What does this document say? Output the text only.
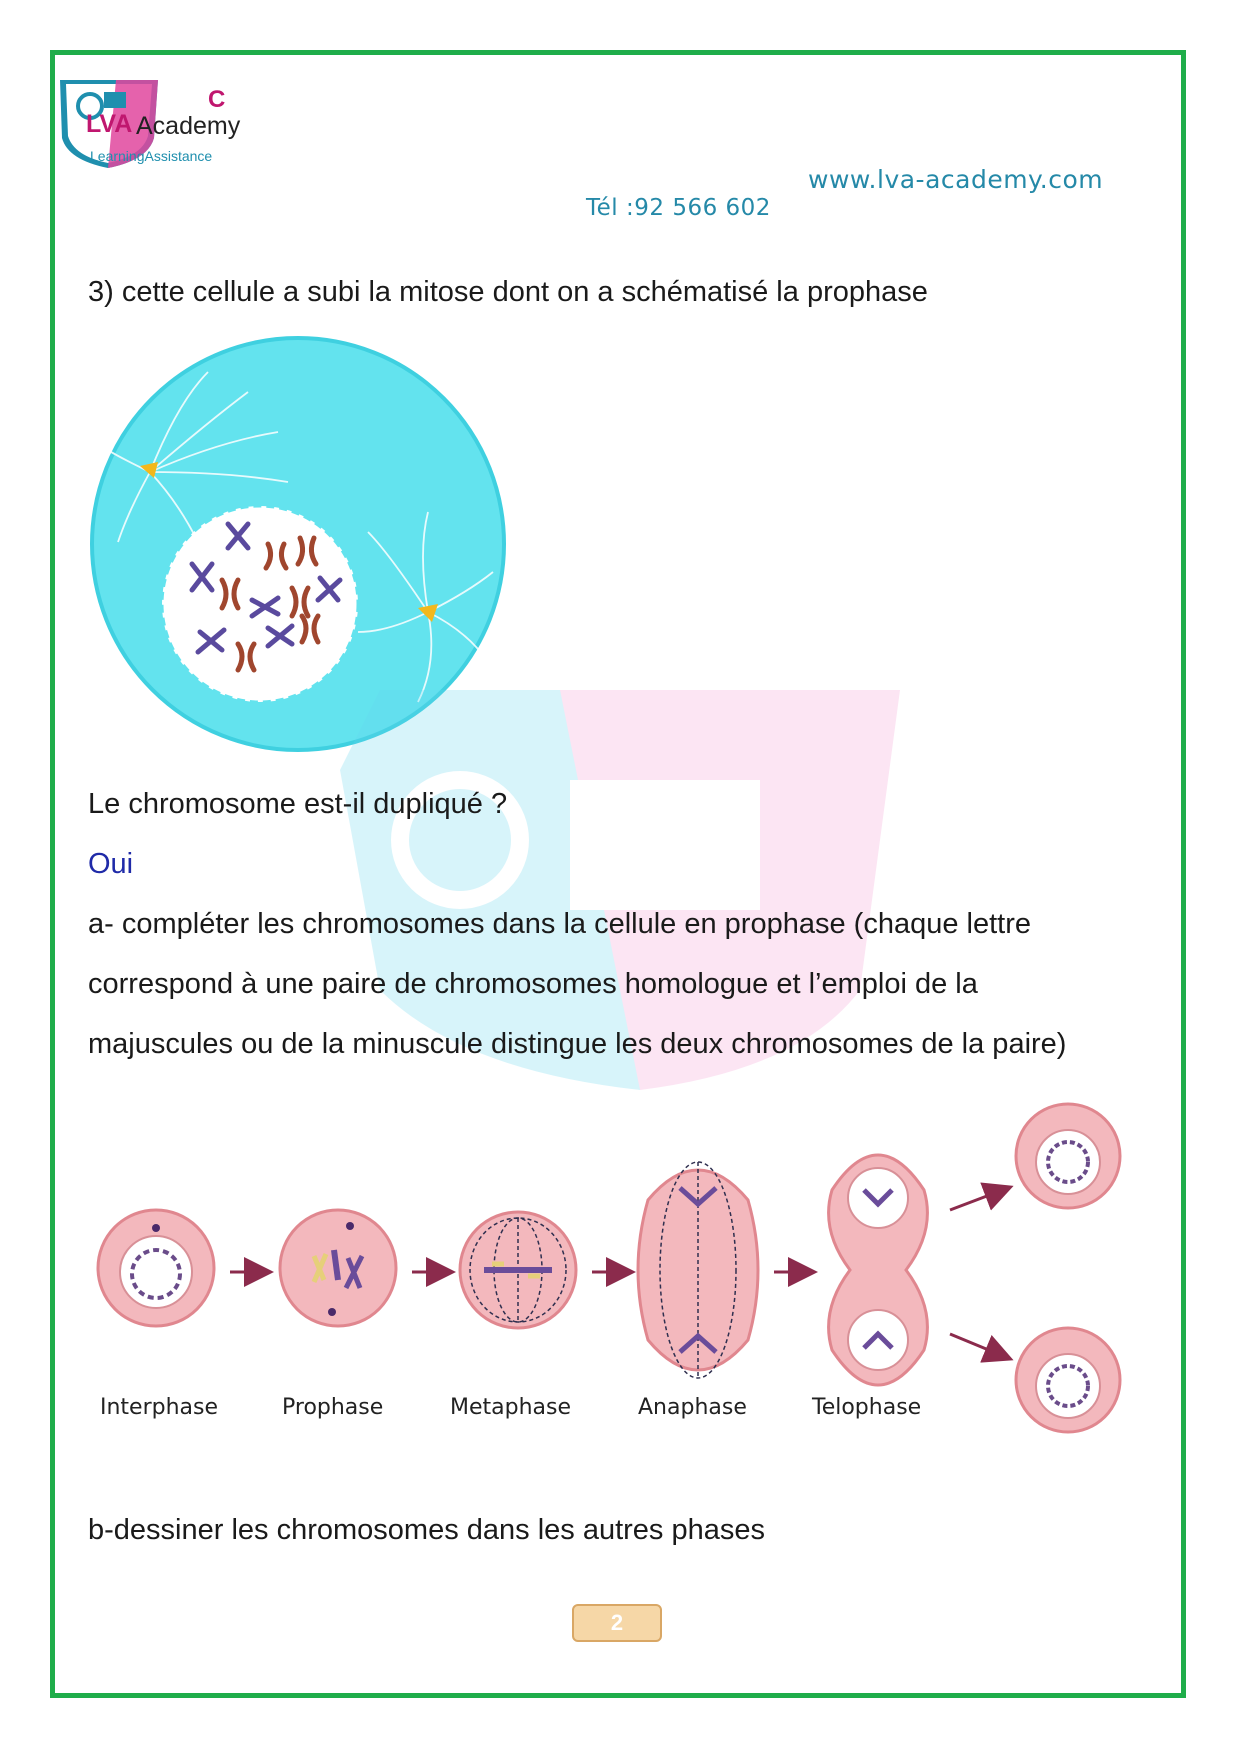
C
LVA Academy
LearningAssistance
www.lva-academy.com
Tél :92 566 602
3) cette cellule a subi la mitose dont on a schématisé la prophase
Le chromosome est-il dupliqué ?
Oui
a- compléter les chromosomes dans la cellule en prophase (chaque lettre
correspond à une paire de chromosomes homologue et l’emploi de la
majuscules ou de la minuscule distingue les deux chromosomes de la paire)
Interphase	Prophase	Metaphase	Anaphase	Telophase
b-dessiner les chromosomes dans les autres phases
2
